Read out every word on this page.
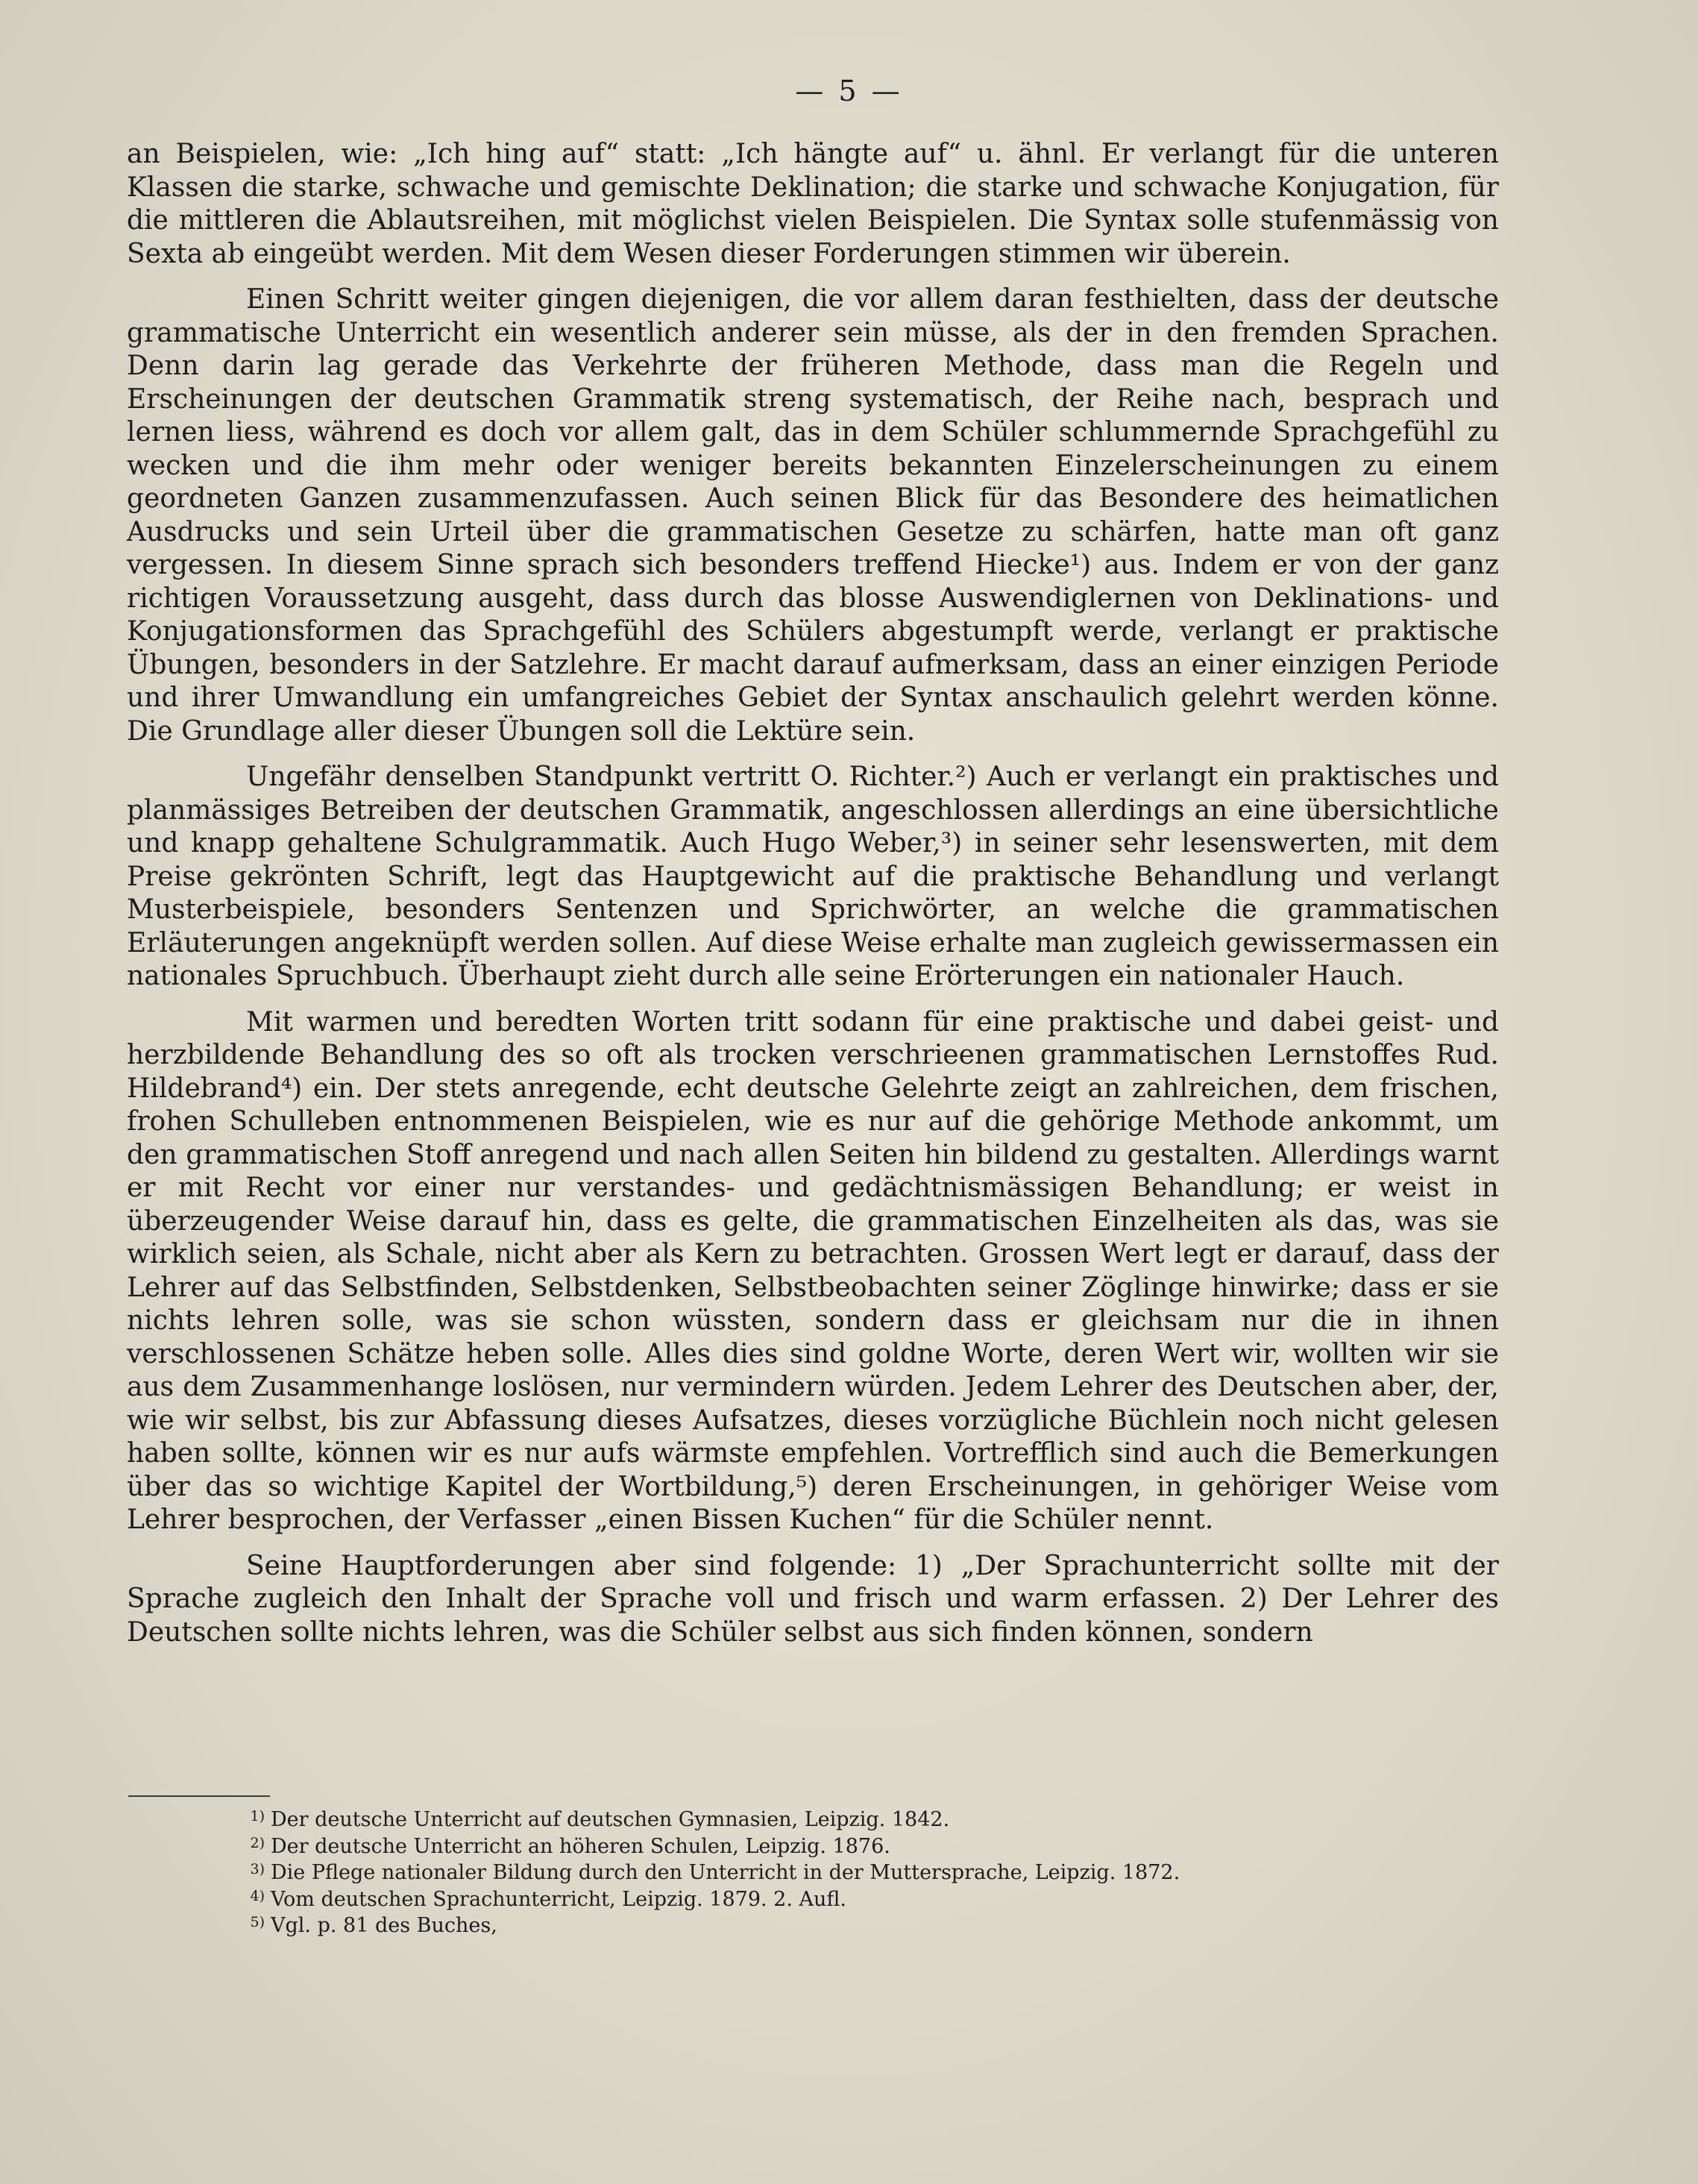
— 5 —

an Beispielen, wie: „Ich hing auf“ statt: „Ich hängte auf“ u. ähnl. Er verlangt für die unteren Klassen die starke, schwache und gemischte Deklination; die starke und schwache Konjugation, für die mittleren die Ablautsreihen, mit möglichst vielen Beispielen. Die Syntax solle stufenmässig von Sexta ab eingeübt werden. Mit dem Wesen dieser Forderungen stimmen wir überein.

Einen Schritt weiter gingen diejenigen, die vor allem daran festhielten, dass der deutsche grammatische Unterricht ein wesentlich anderer sein müsse, als der in den fremden Sprachen. Denn darin lag gerade das Verkehrte der früheren Methode, dass man die Regeln und Erscheinungen der deutschen Grammatik streng systematisch, der Reihe nach, besprach und lernen liess, während es doch vor allem galt, das in dem Schüler schlummernde Sprachgefühl zu wecken und die ihm mehr oder weniger bereits bekannten Einzelerscheinungen zu einem geordneten Ganzen zusammenzufassen. Auch seinen Blick für das Besondere des heimatlichen Ausdrucks und sein Urteil über die grammatischen Gesetze zu schärfen, hatte man oft ganz vergessen. In diesem Sinne sprach sich besonders treffend Hiecke¹) aus. Indem er von der ganz richtigen Voraussetzung ausgeht, dass durch das blosse Auswendiglernen von Deklinations- und Konjugationsformen das Sprachgefühl des Schülers abgestumpft werde, verlangt er praktische Übungen, besonders in der Satzlehre. Er macht darauf aufmerksam, dass an einer einzigen Periode und ihrer Umwandlung ein umfangreiches Gebiet der Syntax anschaulich gelehrt werden könne. Die Grundlage aller dieser Übungen soll die Lektüre sein.

Ungefähr denselben Standpunkt vertritt O. Richter.²) Auch er verlangt ein praktisches und planmässiges Betreiben der deutschen Grammatik, angeschlossen allerdings an eine übersichtliche und knapp gehaltene Schulgrammatik. Auch Hugo Weber,³) in seiner sehr lesenswerten, mit dem Preise gekrönten Schrift, legt das Hauptgewicht auf die praktische Behandlung und verlangt Musterbeispiele, besonders Sentenzen und Sprichwörter, an welche die grammatischen Erläuterungen angeknüpft werden sollen. Auf diese Weise erhalte man zugleich gewissermassen ein nationales Spruchbuch. Überhaupt zieht durch alle seine Erörterungen ein nationaler Hauch.

Mit warmen und beredten Worten tritt sodann für eine praktische und dabei geist- und herzbildende Behandlung des so oft als trocken verschrieenen grammatischen Lernstoffes Rud. Hildebrand⁴) ein. Der stets anregende, echt deutsche Gelehrte zeigt an zahlreichen, dem frischen, frohen Schulleben entnommenen Beispielen, wie es nur auf die gehörige Methode ankommt, um den grammatischen Stoff anregend und nach allen Seiten hin bildend zu gestalten. Allerdings warnt er mit Recht vor einer nur verstandes- und gedächtnismässigen Behandlung; er weist in überzeugender Weise darauf hin, dass es gelte, die grammatischen Einzelheiten als das, was sie wirklich seien, als Schale, nicht aber als Kern zu betrachten. Grossen Wert legt er darauf, dass der Lehrer auf das Selbstfinden, Selbstdenken, Selbstbeobachten seiner Zöglinge hinwirke; dass er sie nichts lehren solle, was sie schon wüssten, sondern dass er gleichsam nur die in ihnen verschlossenen Schätze heben solle. Alles dies sind goldne Worte, deren Wert wir, wollten wir sie aus dem Zusammenhange loslösen, nur vermindern würden. Jedem Lehrer des Deutschen aber, der, wie wir selbst, bis zur Abfassung dieses Aufsatzes, dieses vorzügliche Büchlein noch nicht gelesen haben sollte, können wir es nur aufs wärmste empfehlen. Vortrefflich sind auch die Bemerkungen über das so wichtige Kapitel der Wortbildung,⁵) deren Erscheinungen, in gehöriger Weise vom Lehrer besprochen, der Verfasser „einen Bissen Kuchen“ für die Schüler nennt.

Seine Hauptforderungen aber sind folgende: 1) „Der Sprachunterricht sollte mit der Sprache zugleich den Inhalt der Sprache voll und frisch und warm erfassen. 2) Der Lehrer des Deutschen sollte nichts lehren, was die Schüler selbst aus sich finden können, sondern

1) Der deutsche Unterricht auf deutschen Gymnasien, Leipzig. 1842.
2) Der deutsche Unterricht an höheren Schulen, Leipzig. 1876.
3) Die Pflege nationaler Bildung durch den Unterricht in der Muttersprache, Leipzig. 1872.
4) Vom deutschen Sprachunterricht, Leipzig. 1879. 2. Aufl.
5) Vgl. p. 81 des Buches,
